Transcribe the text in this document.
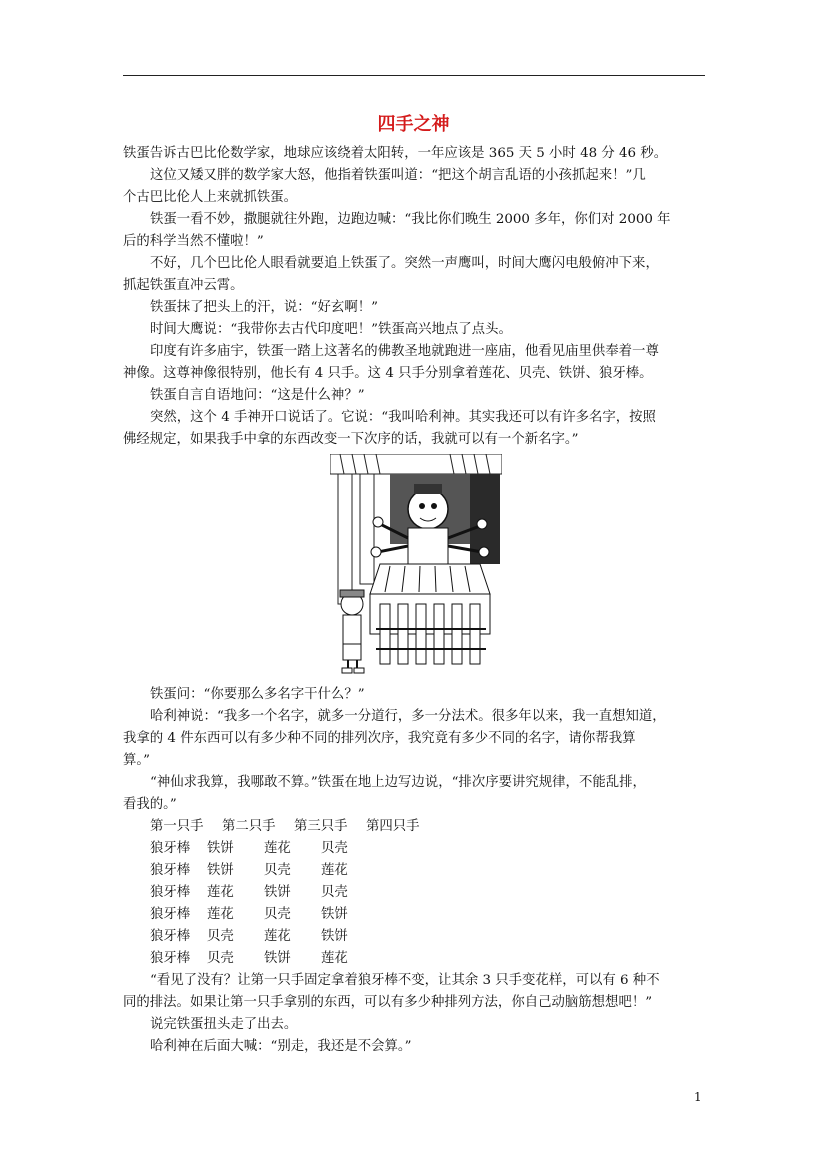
四手之神
铁蛋告诉古巴比伦数学家，地球应该绕着太阳转，一年应该是 365 天 5 小时 48 分 46 秒。
这位又矮又胖的数学家大怒，他指着铁蛋叫道：“把这个胡言乱语的小孩抓起来！”几
个古巴比伦人上来就抓铁蛋。
铁蛋一看不妙，撒腿就往外跑，边跑边喊：“我比你们晚生 2000 多年，你们对 2000 年
后的科学当然不懂啦！”
不好，几个巴比伦人眼看就要追上铁蛋了。突然一声鹰叫，时间大鹰闪电般俯冲下来，
抓起铁蛋直冲云霄。
铁蛋抹了把头上的汗，说：“好玄啊！”
时间大鹰说：“我带你去古代印度吧！”铁蛋高兴地点了点头。
印度有许多庙宇，铁蛋一踏上这著名的佛教圣地就跑进一座庙，他看见庙里供奉着一尊
神像。这尊神像很特别，他长有 4 只手。这 4 只手分别拿着莲花、贝壳、铁饼、狼牙棒。
铁蛋自言自语地问：“这是什么神？”
突然，这个 4 手神开口说话了。它说：“我叫哈利神。其实我还可以有许多名字，按照
佛经规定，如果我手中拿的东西改变一下次序的话，我就可以有一个新名字。”
铁蛋问：“你要那么多名字干什么？”
哈利神说：“我多一个名字，就多一分道行，多一分法术。很多年以来，我一直想知道，
我拿的 4 件东西可以有多少种不同的排列次序，我究竟有多少不同的名字，请你帮我算
算。”
“神仙求我算，我哪敢不算。”铁蛋在地上边写边说，“排次序要讲究规律，不能乱排，
看我的。”
第一只手 第二只手 第三只手 第四只手
狼牙棒 铁饼 莲花 贝壳
狼牙棒 铁饼 贝壳 莲花
狼牙棒 莲花 铁饼 贝壳
狼牙棒 莲花 贝壳 铁饼
狼牙棒 贝壳 莲花 铁饼
狼牙棒 贝壳 铁饼 莲花
“看见了没有？让第一只手固定拿着狼牙棒不变，让其余 3 只手变花样，可以有 6 种不
同的排法。如果让第一只手拿别的东西，可以有多少种排列方法，你自己动脑筋想想吧！”
说完铁蛋扭头走了出去。
哈利神在后面大喊：“别走，我还是不会算。”
1
